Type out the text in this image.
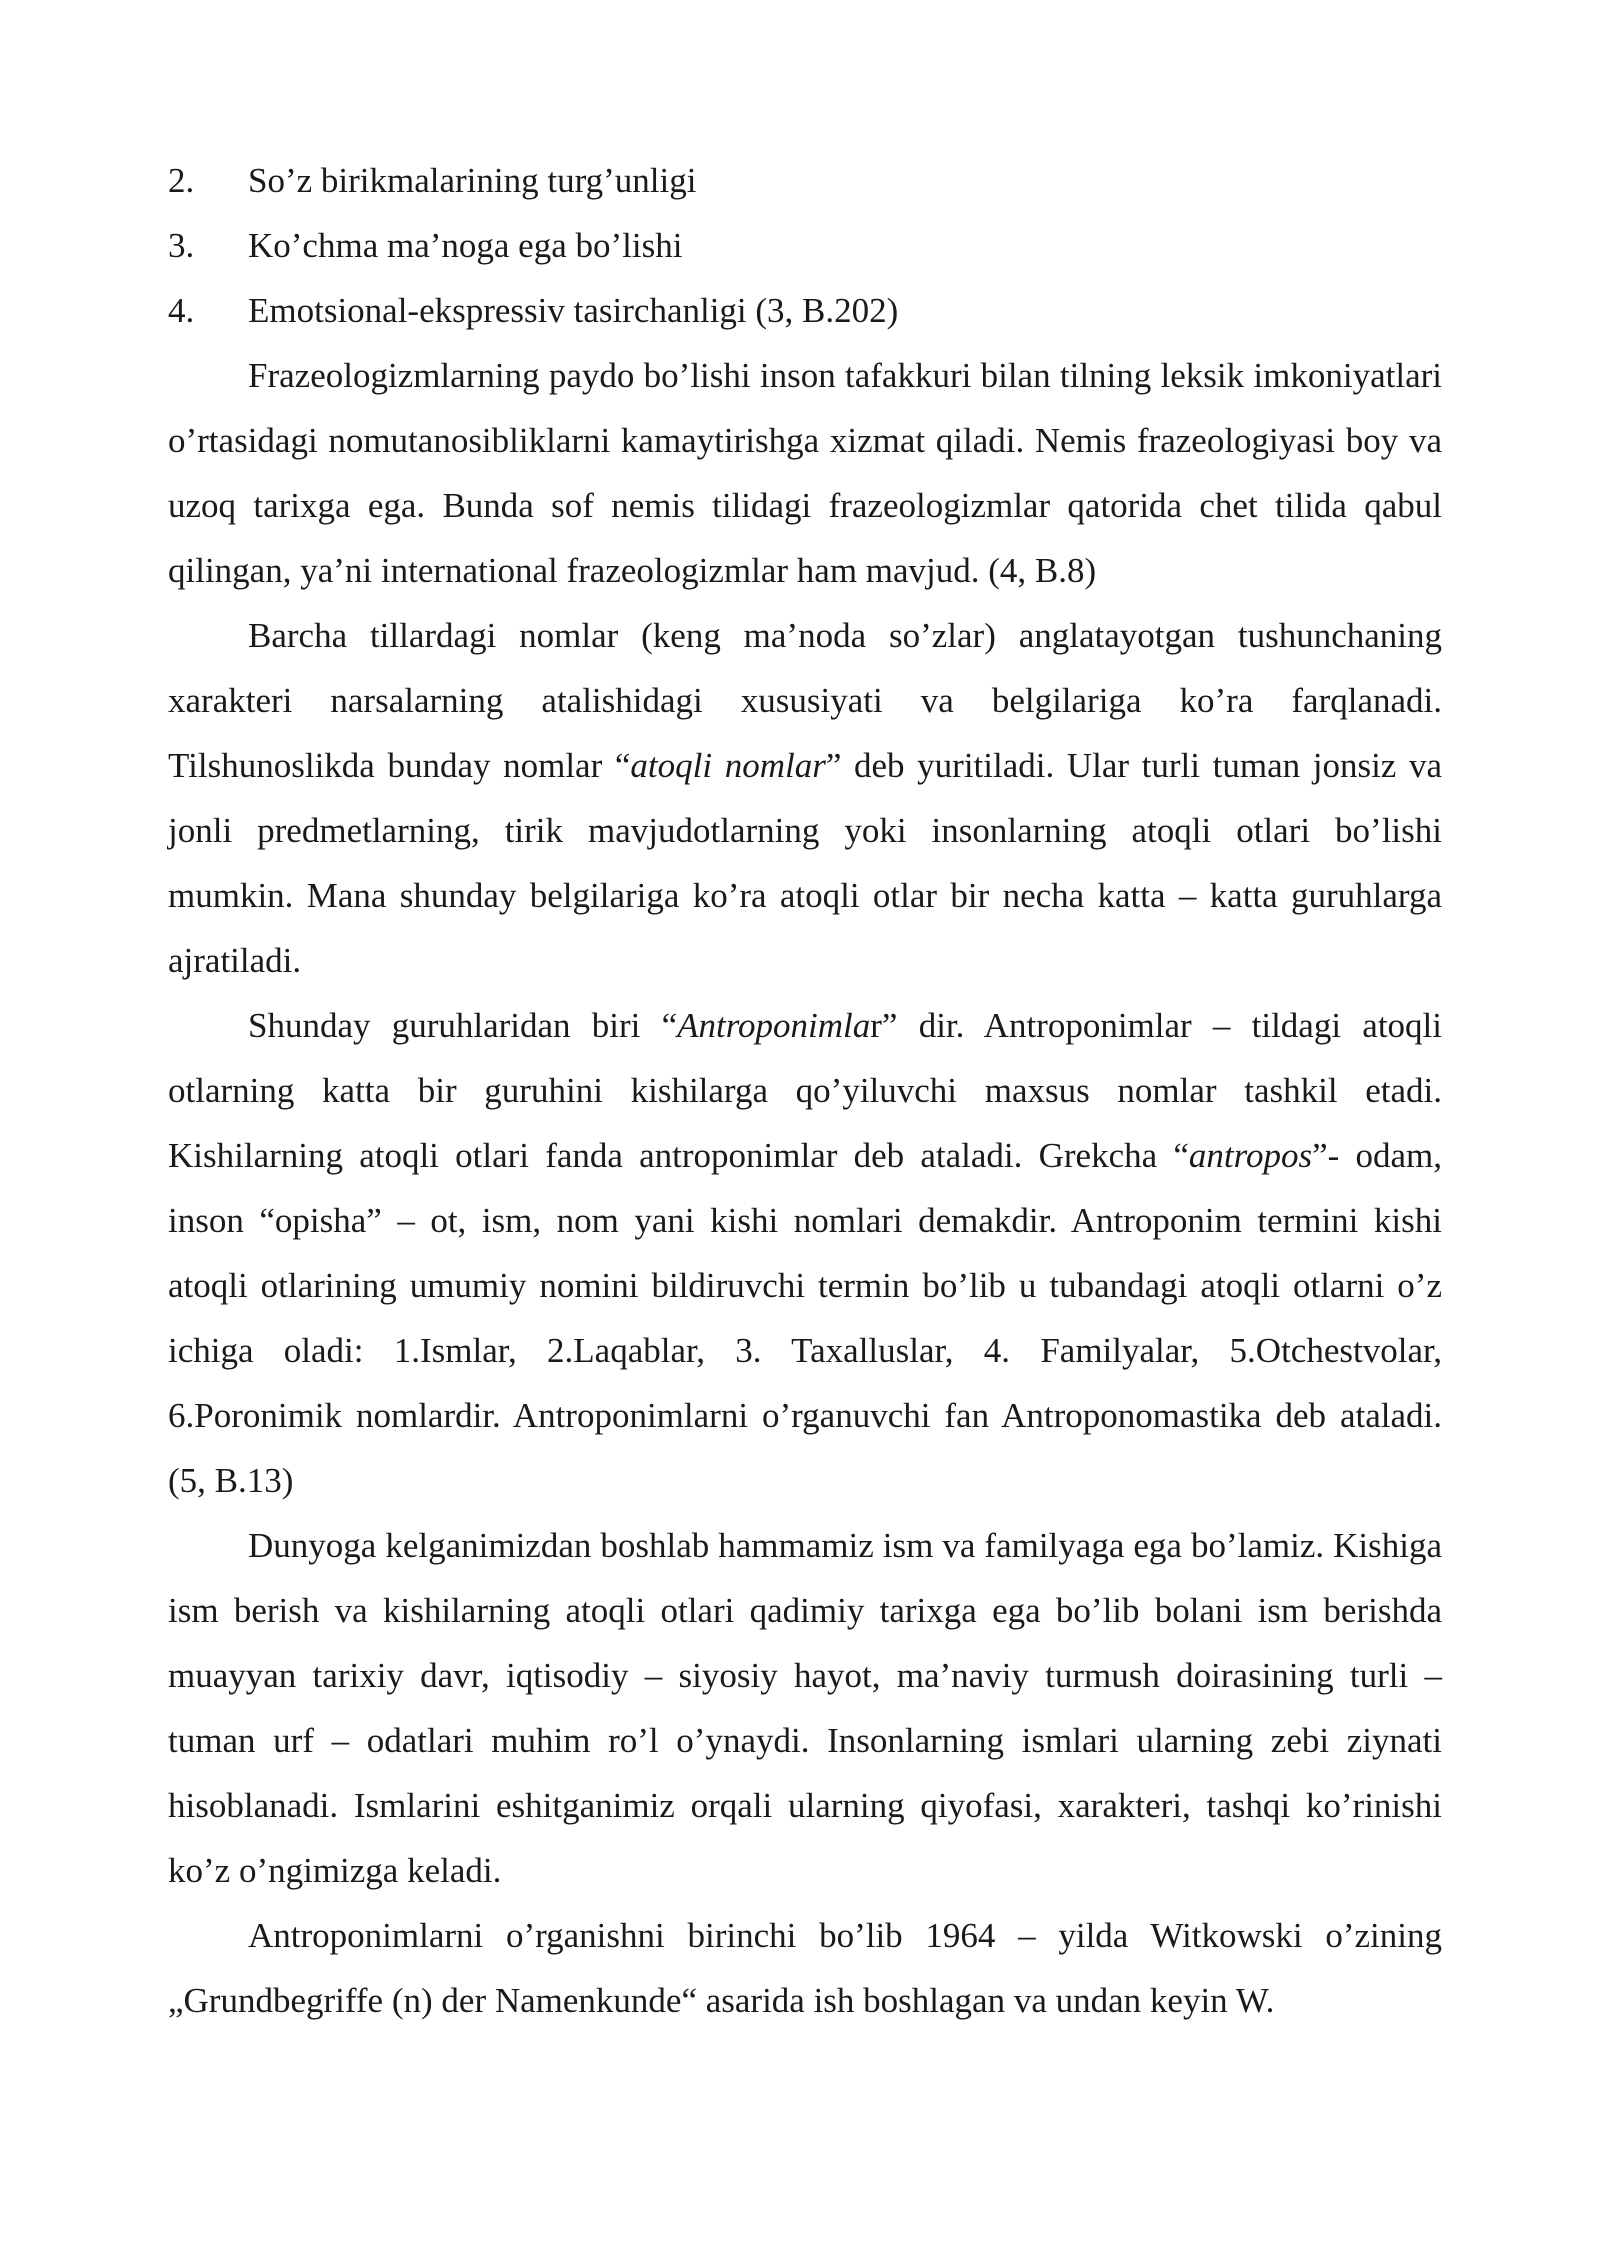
2.	So’z birikmalarining turg’unligi
3.	Ko’chma ma’noga ega bo’lishi
4.	Emotsional-ekspressiv tasirchanligi (3, B.202)

Frazeologizmlarning paydo bo’lishi inson tafakkuri bilan tilning leksik imkoniyatlari o’rtasidagi nomutanosibliklarni kamaytirishga xizmat qiladi. Nemis frazeologiyasi boy va uzoq tarixga ega. Bunda sof nemis tilidagi frazeologizmlar qatorida chet tilida qabul qilingan, ya’ni international frazeologizmlar ham mavjud. (4, B.8)

Barcha tillardagi nomlar (keng ma’noda so’zlar) anglatayotgan tushunchaning xarakteri narsalarning atalishidagi xususiyati va belgilariga ko’ra farqlanadi. Tilshunoslikda bunday nomlar “atoqli nomlar” deb yuritiladi. Ular turli tuman jonsiz va jonli predmetlarning, tirik mavjudotlarning yoki insonlarning atoqli otlari bo’lishi mumkin. Mana shunday belgilariga ko’ra atoqli otlar bir necha katta – katta guruhlarga ajratiladi.

Shunday guruhlaridan biri “Antroponimlar” dir. Antroponimlar – tildagi atoqli otlarning katta bir guruhini kishilarga qo’yiluvchi maxsus nomlar tashkil etadi. Kishilarning atoqli otlari fanda antroponimlar deb ataladi. Grekcha “antropos”- odam, inson “opisha” – ot, ism, nom yani kishi nomlari demakdir. Antroponim termini kishi atoqli otlarining umumiy nomini bildiruvchi termin bo’lib u tubandagi atoqli otlarni o’z ichiga oladi: 1.Ismlar, 2.Laqablar, 3. Taxalluslar, 4. Familyalar, 5.Otchestvolar, 6.Poronimik nomlardir. Antroponimlarni o’rganuvchi fan Antroponomastika deb ataladi. (5, B.13)

Dunyoga kelganimizdan boshlab hammamiz ism va familyaga ega bo’lamiz. Kishiga ism berish va kishilarning atoqli otlari qadimiy tarixga ega bo’lib bolani ism berishda muayyan tarixiy davr, iqtisodiy – siyosiy hayot, ma’naviy turmush doirasining turli – tuman urf – odatlari muhim ro’l o’ynaydi. Insonlarning ismlari ularning zebi ziynati hisoblanadi. Ismlarini eshitganimiz orqali ularning qiyofasi, xarakteri, tashqi ko’rinishi ko’z o’ngimizga keladi.

Antroponimlarni o’rganishni birinchi bo’lib 1964 – yilda Witkowski o’zining „Grundbegriffe (n) der Namenkunde“ asarida ish boshlagan va undan keyin W.
